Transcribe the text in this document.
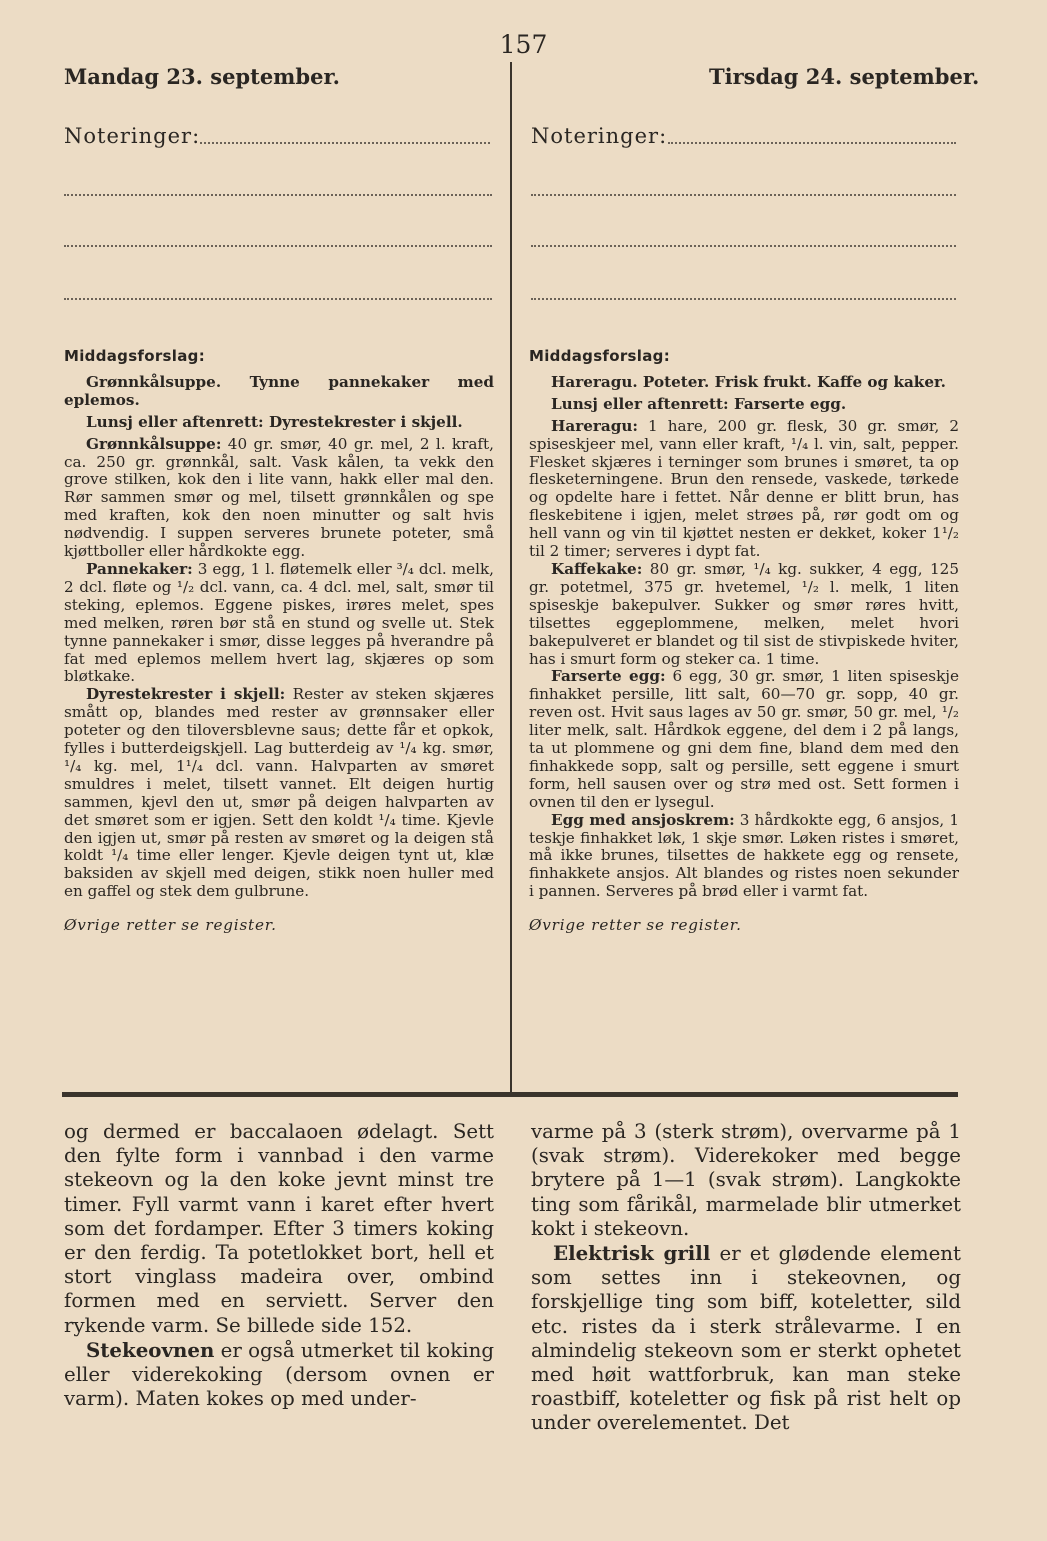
157
Mandag 23. september.	Tirsdag 24. september.
Noteringer:	Noteringer:
Middagsforslag:

Grønnkålsuppe. Tynne pannekaker med eplemos.

Lunsj eller aftenrett: Dyrestekrester i skjell.

Grønnkålsuppe: 40 gr. smør, 40 gr. mel, 2 l. kraft, ca. 250 gr. grønnkål, salt. Vask kålen, ta vekk den grove stilken, kok den i lite vann, hakk eller mal den. Rør sammen smør og mel, tilsett grønnkålen og spe med kraften, kok den noen minutter og salt hvis nødvendig. I suppen serveres brunete poteter, små kjøttboller eller hårdkokte egg.

Pannekaker: 3 egg, 1 l. fløtemelk eller ³/₄ dcl. melk, 2 dcl. fløte og ¹/₂ dcl. vann, ca. 4 dcl. mel, salt, smør til steking, eplemos. Eggene piskes, irøres melet, spes med melken, røren bør stå en stund og svelle ut. Stek tynne pannekaker i smør, disse legges på hverandre på fat med eplemos mellem hvert lag, skjæres op som bløtkake.

Dyrestekrester i skjell: Rester av steken skjæres smått op, blandes med rester av grønnsaker eller poteter og den tiloversblevne saus; dette får et opkok, fylles i butterdeigskjell. Lag butterdeig av ¹/₄ kg. smør, ¹/₄ kg. mel, 1¹/₄ dcl. vann. Halvparten av smøret smuldres i melet, tilsett vannet. Elt deigen hurtig sammen, kjevl den ut, smør på deigen halvparten av det smøret som er igjen. Sett den koldt ¹/₄ time. Kjevle den igjen ut, smør på resten av smøret og la deigen stå koldt ¹/₄ time eller lenger. Kjevle deigen tynt ut, klæ baksiden av skjell med deigen, stikk noen huller med en gaffel og stek dem gulbrune.

Øvrige retter se register.
Middagsforslag:

Hareragu. Poteter. Frisk frukt. Kaffe og kaker.

Lunsj eller aftenrett: Farserte egg.

Hareragu: 1 hare, 200 gr. flesk, 30 gr. smør, 2 spiseskjeer mel, vann eller kraft, ¹/₄ l. vin, salt, pepper. Flesket skjæres i terninger som brunes i smøret, ta op flesketerningene. Brun den rensede, vaskede, tørkede og opdelte hare i fettet. Når denne er blitt brun, has fleskebitene i igjen, melet strøes på, rør godt om og hell vann og vin til kjøttet nesten er dekket, koker 1¹/₂ til 2 timer; serveres i dypt fat.

Kaffekake: 80 gr. smør, ¹/₄ kg. sukker, 4 egg, 125 gr. potetmel, 375 gr. hvetemel, ¹/₂ l. melk, 1 liten spiseskje bakepulver. Sukker og smør røres hvitt, tilsettes eggeplommene, melken, melet hvori bakepulveret er blandet og til sist de stivpiskede hviter, has i smurt form og steker ca. 1 time.

Farserte egg: 6 egg, 30 gr. smør, 1 liten spiseskje finhakket persille, litt salt, 60—70 gr. sopp, 40 gr. reven ost. Hvit saus lages av 50 gr. smør, 50 gr. mel, ¹/₂ liter melk, salt. Hårdkok eggene, del dem i 2 på langs, ta ut plommene og gni dem fine, bland dem med den finhakkede sopp, salt og persille, sett eggene i smurt form, hell sausen over og strø med ost. Sett formen i ovnen til den er lysegul.

Egg med ansjoskrem: 3 hårdkokte egg, 6 ansjos, 1 teskje finhakket løk, 1 skje smør. Løken ristes i smøret, må ikke brunes, tilsettes de hakkete egg og rensete, finhakkete ansjos. Alt blandes og ristes noen sekunder i pannen. Serveres på brød eller i varmt fat.

Øvrige retter se register.

og dermed er baccalaoen ødelagt. Sett den fylte form i vannbad i den varme stekeovn og la den koke jevnt minst tre timer. Fyll varmt vann i karet efter hvert som det fordamper. Efter 3 timers koking er den ferdig. Ta potetlokket bort, hell et stort vinglass madeira over, ombind formen med en serviett. Server den rykende varm. Se billede side 152.

Stekeovnen er også utmerket til koking eller viderekoking (dersom ovnen er varm). Maten kokes op med under-

varme på 3 (sterk strøm), overvarme på 1 (svak strøm). Viderekoker med begge brytere på 1—1 (svak strøm). Langkokte ting som fårikål, marmelade blir utmerket kokt i stekeovn.

Elektrisk grill er et glødende element som settes inn i stekeovnen, og forskjellige ting som biff, koteletter, sild etc. ristes da i sterk strålevarme. I en almindelig stekeovn som er sterkt ophetet med høit wattforbruk, kan man steke roastbiff, koteletter og fisk på rist helt op under overelementet. Det
